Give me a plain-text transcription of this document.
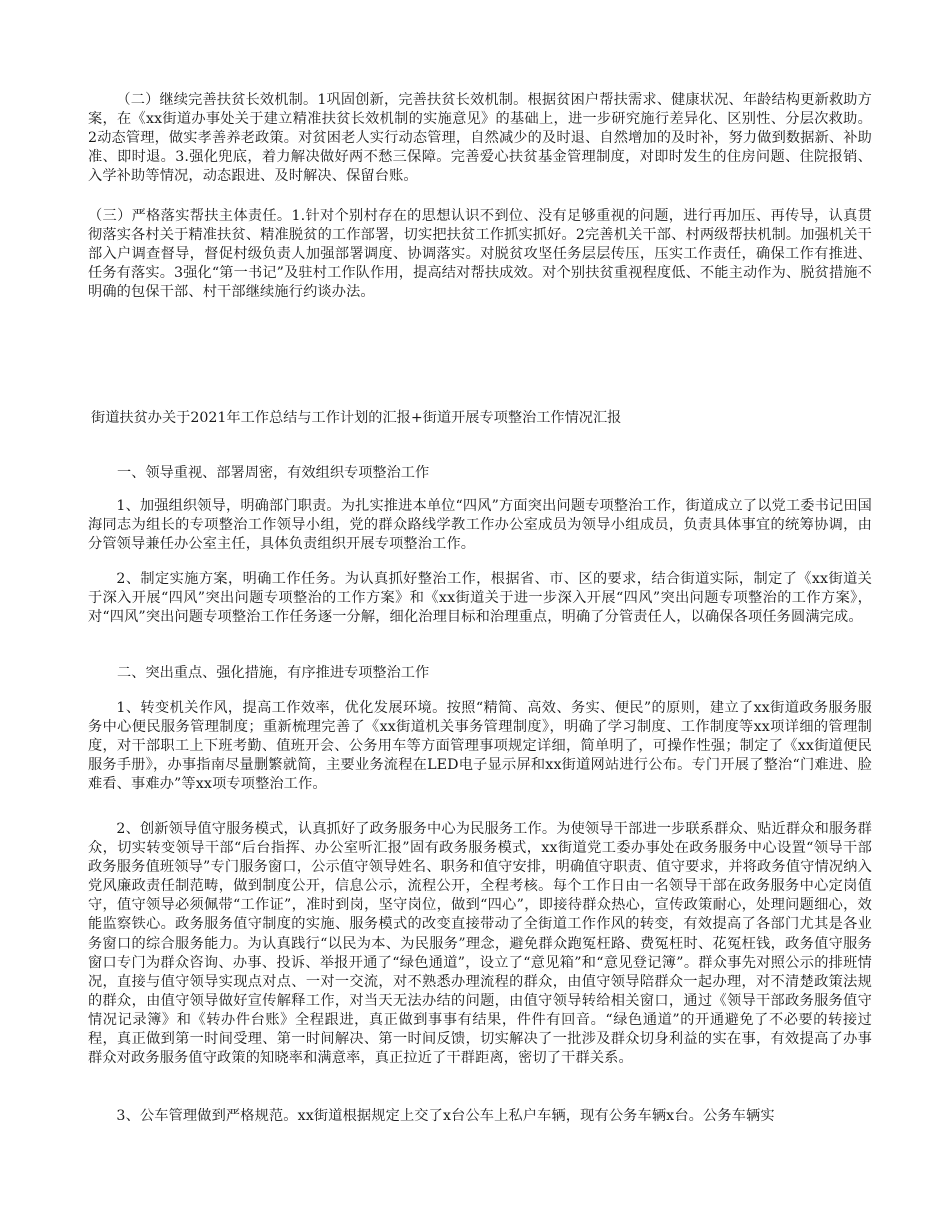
（二）继续完善扶贫长效机制。1巩固创新，完善扶贫长效机制。根据贫困户帮扶需求、健康状况、年龄结构更新救助方案，在《xx街道办事处关于建立精准扶贫长效机制的实施意见》的基础上，进一步研究施行差异化、区别性、分层次救助。2动态管理，做实孝善养老政策。对贫困老人实行动态管理，自然减少的及时退、自然增加的及时补，努力做到数据新、补助准、即时退。3.强化兜底，着力解决做好两不愁三保障。完善爱心扶贫基金管理制度，对即时发生的住房问题、住院报销、入学补助等情况，动态跟进、及时解决、保留台账。

（三）严格落实帮扶主体责任。1.针对个别村存在的思想认识不到位、没有足够重视的问题，进行再加压、再传导，认真贯彻落实各村关于精准扶贫、精准脱贫的工作部署，切实把扶贫工作抓实抓好。2完善机关干部、村两级帮扶机制。加强机关干部入户调查督导，督促村级负责人加强部署调度、协调落实。对脱贫攻坚任务层层传压，压实工作责任，确保工作有推进、任务有落实。3强化“第一书记”及驻村工作队作用，提高结对帮扶成效。对个别扶贫重视程度低、不能主动作为、脱贫措施不明确的包保干部、村干部继续施行约谈办法。

街道扶贫办关于2021年工作总结与工作计划的汇报+街道开展专项整治工作情况汇报

一、领导重视、部署周密，有效组织专项整治工作

1、加强组织领导，明确部门职责。为扎实推进本单位“四风”方面突出问题专项整治工作，街道成立了以党工委书记田国海同志为组长的专项整治工作领导小组，党的群众路线学教工作办公室成员为领导小组成员，负责具体事宜的统筹协调，由分管领导兼任办公室主任，具体负责组织开展专项整治工作。

2、制定实施方案，明确工作任务。为认真抓好整治工作，根据省、市、区的要求，结合街道实际，制定了《xx街道关于深入开展“四风”突出问题专项整治的工作方案》和《xx街道关于进一步深入开展“四风”突出问题专项整治的工作方案》，对“四风”突出问题专项整治工作任务逐一分解，细化治理目标和治理重点，明确了分管责任人，以确保各项任务圆满完成。

二、突出重点、强化措施，有序推进专项整治工作

1、转变机关作风，提高工作效率，优化发展环境。按照“精简、高效、务实、便民”的原则，建立了xx街道政务服务服务中心便民服务管理制度；重新梳理完善了《xx街道机关事务管理制度》，明确了学习制度、工作制度等xx项详细的管理制度，对干部职工上下班考勤、值班开会、公务用车等方面管理事项规定详细，简单明了，可操作性强；制定了《xx街道便民服务手册》，办事指南尽量删繁就简，主要业务流程在LED电子显示屏和xx街道网站进行公布。专门开展了整治“门难进、脸难看、事难办”等xx项专项整治工作。

2、创新领导值守服务模式，认真抓好了政务服务中心为民服务工作。为使领导干部进一步联系群众、贴近群众和服务群众，切实转变领导干部“后台指挥、办公室听汇报”固有政务服务模式，xx街道党工委办事处在政务服务中心设置“领导干部政务服务值班领导”专门服务窗口，公示值守领导姓名、职务和值守安排，明确值守职责、值守要求，并将政务值守情况纳入党风廉政责任制范畴，做到制度公开，信息公示，流程公开，全程考核。每个工作日由一名领导干部在政务服务中心定岗值守，值守领导必须佩带“工作证”，准时到岗，坚守岗位，做到“四心”，即接待群众热心，宣传政策耐心，处理问题细心，效能监察铁心。政务服务值守制度的实施、服务模式的改变直接带动了全街道工作作风的转变，有效提高了各部门尤其是各业务窗口的综合服务能力。为认真践行“以民为本、为民服务”理念，避免群众跑冤枉路、费冤枉时、花冤枉钱，政务值守服务窗口专门为群众咨询、办事、投诉、举报开通了“绿色通道”，设立了“意见箱”和“意见登记簿”。群众事先对照公示的排班情况，直接与值守领导实现点对点、一对一交流，对不熟悉办理流程的群众，由值守领导陪群众一起办理，对不清楚政策法规的群众，由值守领导做好宣传解释工作，对当天无法办结的问题，由值守领导转给相关窗口，通过《领导干部政务服务值守情况记录簿》和《转办件台账》全程跟进，真正做到事事有结果，件件有回音。“绿色通道”的开通避免了不必要的转接过程，真正做到第一时间受理、第一时间解决、第一时间反馈，切实解决了一批涉及群众切身利益的实在事，有效提高了办事群众对政务服务值守政策的知晓率和满意率，真正拉近了干群距离，密切了干群关系。

3、公车管理做到严格规范。xx街道根据规定上交了x台公车上私户车辆，现有公务车辆x台。公务车辆实
